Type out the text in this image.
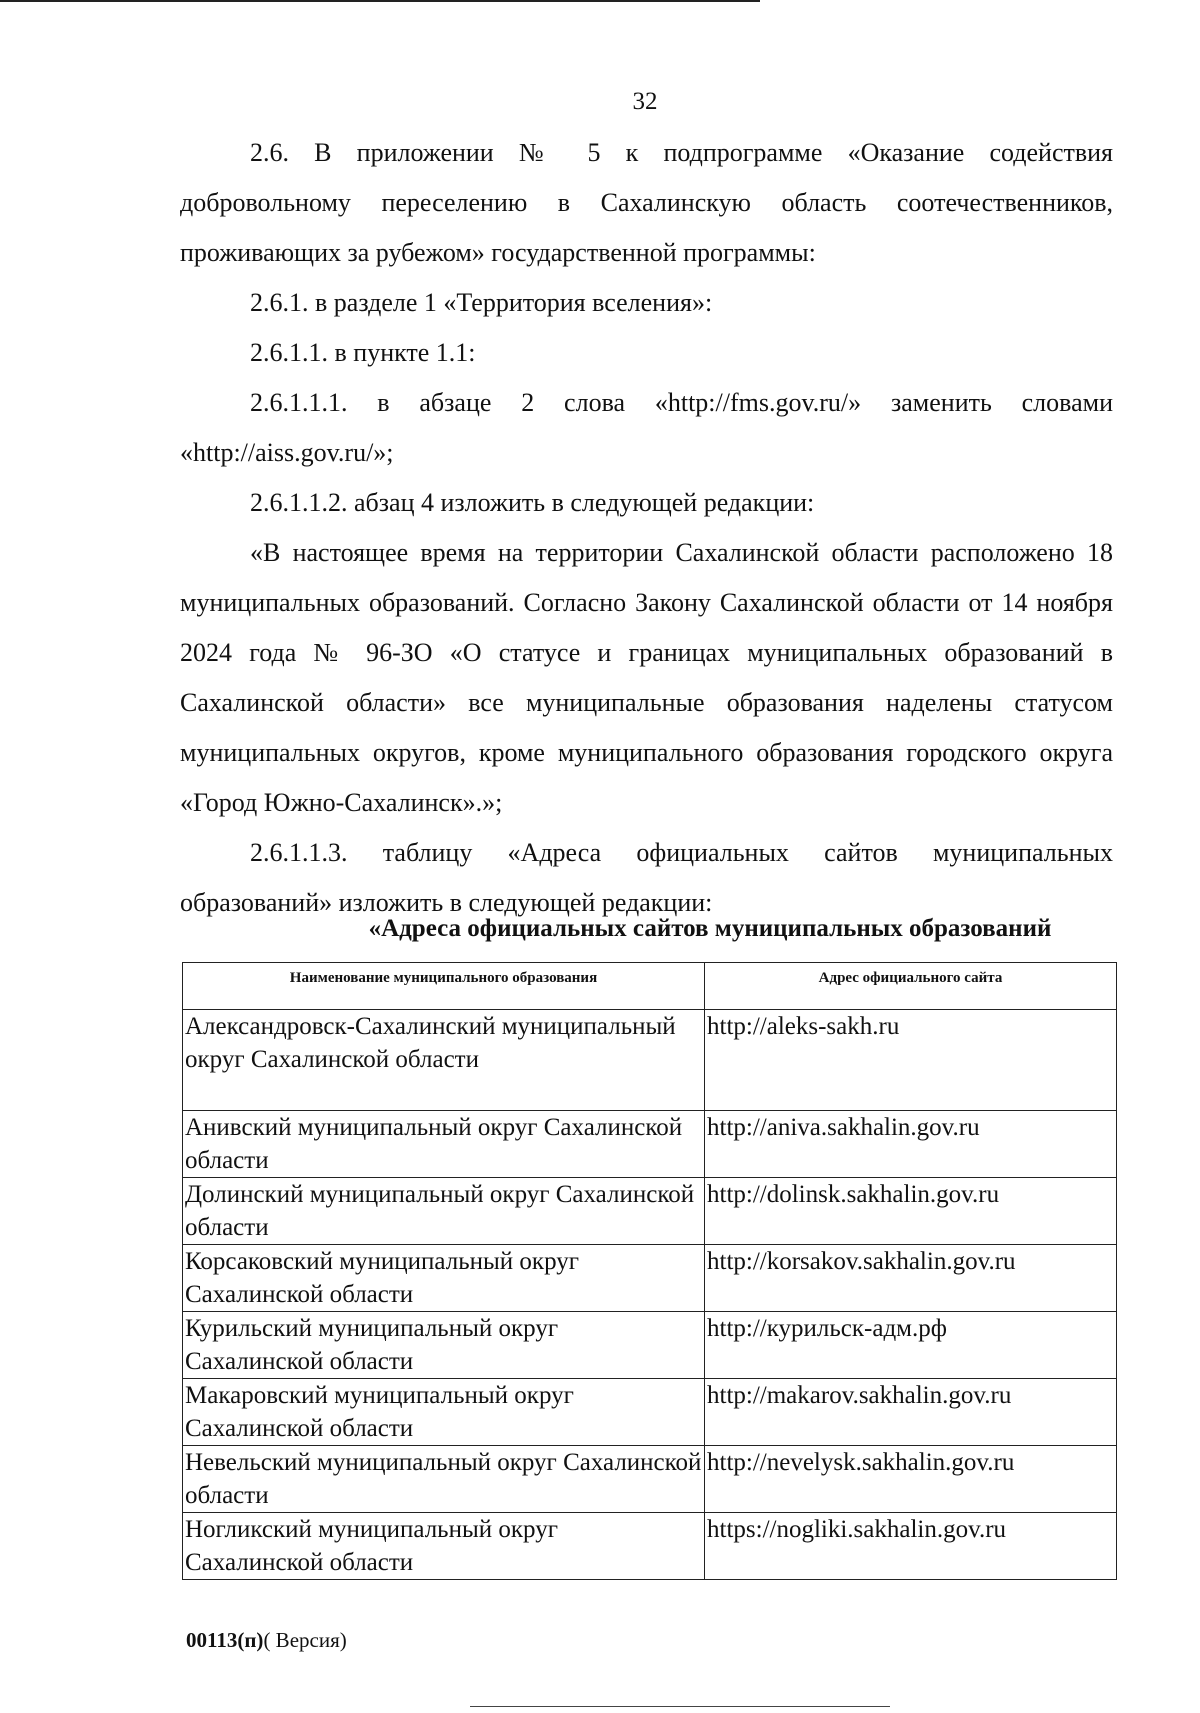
32

2.6. В приложении № 5 к подпрограмме «Оказание содействия добровольному переселению в Сахалинскую область соотечественников, проживающих за рубежом» государственной программы:

2.6.1. в разделе 1 «Территория вселения»:

2.6.1.1. в пункте 1.1:

2.6.1.1.1. в абзаце 2 слова «http://fms.gov.ru/» заменить словами «http://aiss.gov.ru/»;

2.6.1.1.2. абзац 4 изложить в следующей редакции:

«В настоящее время на территории Сахалинской области расположено 18 муниципальных образований. Согласно Закону Сахалинской области от 14 ноября 2024 года № 96-ЗО «О статусе и границах муниципальных образований в Сахалинской области» все муниципальные образования наделены статусом муниципальных округов, кроме муниципального образования городского округа «Город Южно-Сахалинск».»;

2.6.1.1.3. таблицу «Адреса официальных сайтов муниципальных образований» изложить в следующей редакции:

«Адреса официальных сайтов муниципальных образований
Наименование муниципального образования	Адрес официального сайта
Александровск-Сахалинский муниципальный округ Сахалинской области	http://aleks-sakh.ru
Анивский муниципальный округ Сахалинской области	http://aniva.sakhalin.gov.ru
Долинский муниципальный округ Сахалинской области	http://dolinsk.sakhalin.gov.ru
Корсаковский муниципальный округ Сахалинской области	http://korsakov.sakhalin.gov.ru
Курильский муниципальный округ Сахалинской области	http://курильск-адм.рф
Макаровский муниципальный округ Сахалинской области	http://makarov.sakhalin.gov.ru
Невельский муниципальный округ Сахалинской области	http://nevelysk.sakhalin.gov.ru
Ногликский муниципальный округ Сахалинской области	https://nogliki.sakhalin.gov.ru
00113(п)( Версия)
